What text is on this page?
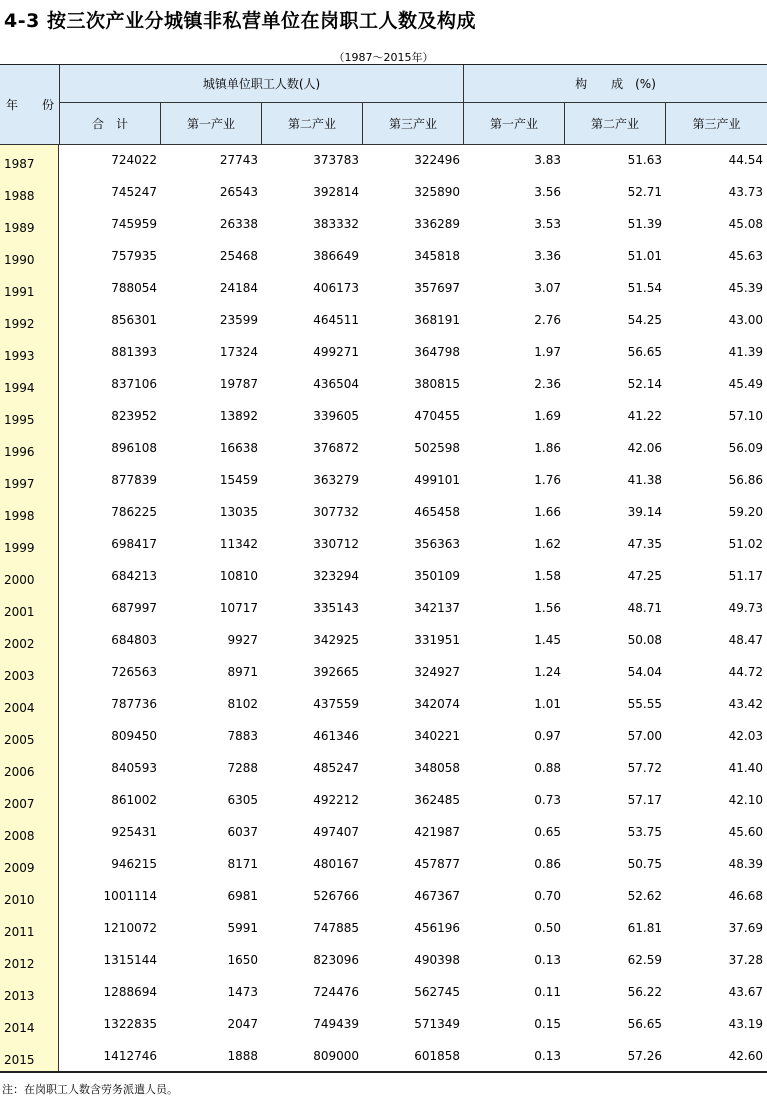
4-3 按三次产业分城镇非私营单位在岗职工人数及构成
（1987～2015年）
年　　份
城镇单位职工人数(人)	构　　成　(%)
合　计	第一产业	第二产业	第三产业	第一产业	第二产业	第三产业
1987	724022	27743	373783	322496	3.83	51.63	44.54
1988	745247	26543	392814	325890	3.56	52.71	43.73
1989	745959	26338	383332	336289	3.53	51.39	45.08
1990	757935	25468	386649	345818	3.36	51.01	45.63
1991	788054	24184	406173	357697	3.07	51.54	45.39
1992	856301	23599	464511	368191	2.76	54.25	43.00
1993	881393	17324	499271	364798	1.97	56.65	41.39
1994	837106	19787	436504	380815	2.36	52.14	45.49
1995	823952	13892	339605	470455	1.69	41.22	57.10
1996	896108	16638	376872	502598	1.86	42.06	56.09
1997	877839	15459	363279	499101	1.76	41.38	56.86
1998	786225	13035	307732	465458	1.66	39.14	59.20
1999	698417	11342	330712	356363	1.62	47.35	51.02
2000	684213	10810	323294	350109	1.58	47.25	51.17
2001	687997	10717	335143	342137	1.56	48.71	49.73
2002	684803	9927	342925	331951	1.45	50.08	48.47
2003	726563	8971	392665	324927	1.24	54.04	44.72
2004	787736	8102	437559	342074	1.01	55.55	43.42
2005	809450	7883	461346	340221	0.97	57.00	42.03
2006	840593	7288	485247	348058	0.88	57.72	41.40
2007	861002	6305	492212	362485	0.73	57.17	42.10
2008	925431	6037	497407	421987	0.65	53.75	45.60
2009	946215	8171	480167	457877	0.86	50.75	48.39
2010	1001114	6981	526766	467367	0.70	52.62	46.68
2011	1210072	5991	747885	456196	0.50	61.81	37.69
2012	1315144	1650	823096	490398	0.13	62.59	37.28
2013	1288694	1473	724476	562745	0.11	56.22	43.67
2014	1322835	2047	749439	571349	0.15	56.65	43.19
2015	1412746	1888	809000	601858	0.13	57.26	42.60
注：在岗职工人数含劳务派遣人员。
